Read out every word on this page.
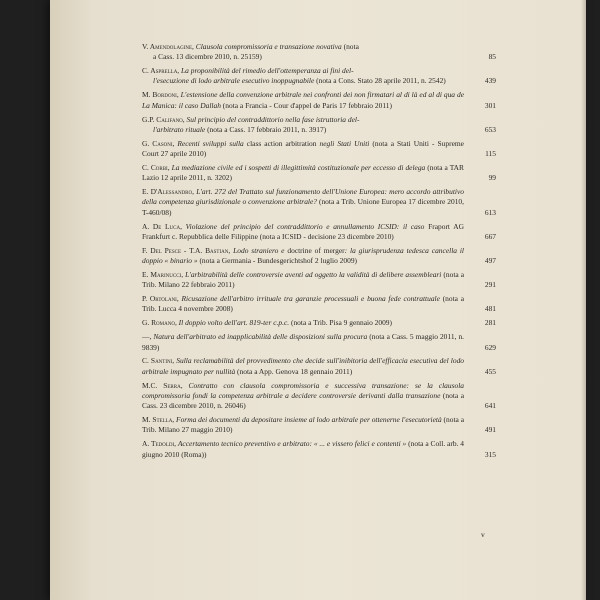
V. Amendolagine, Clausola compromissoria e transazione novativa (nota
a Cass. 13 dicembre 2010, n. 25159)	85
C. Asprella, La proponibilità del rimedio dell'ottemperanza ai fini del-
l'esecuzione di lodo arbitrale esecutivo inoppugnabile (nota a Cons. Stato 28 aprile 2011, n. 2542)	439
M. Bordoni, L'estensione della convenzione arbitrale nei confronti dei non firmatari al di là ed al di qua de La Manica: il caso Dallah (nota a Francia - Cour d'appel de Paris 17 febbraio 2011)	301
G.P. Califano, Sul principio del contraddittorio nella fase istruttoria del-
l'arbitrato rituale (nota a Cass. 17 febbraio 2011, n. 3917)	653
G. Casoni, Recenti sviluppi sulla class action arbitration negli Stati Uniti (nota a Stati Uniti - Supreme Court 27 aprile 2010)	115
C. Corbi, La mediazione civile ed i sospetti di illegittimità costituzionale per eccesso di delega (nota a TAR Lazio 12 aprile 2011, n. 3202)	99
E. D'Alessandro, L'art. 272 del Trattato sul funzionamento dell'Unione Europea: mero accordo attributivo della competenza giurisdizionale o convenzione arbitrale? (nota a Trib. Unione Europea 17 dicembre 2010, T-460/08)	613
A. De Luca, Violazione del principio del contraddittorio e annullamento ICSID: il caso Fraport AG Frankfurt c. Repubblica delle Filippine (nota a ICSID - decisione 23 dicembre 2010)	667
F. Del Pesce - T.A. Bastian, Lodo straniero e doctrine of merger: la giurisprudenza tedesca cancella il doppio « binario » (nota a Germania - Bundesgerichtshof 2 luglio 2009)	497
E. Marinucci, L'arbitrabilità delle controversie aventi ad oggetto la validità di delibere assembleari (nota a Trib. Milano 22 febbraio 2011)	291
P. Ortolani, Ricusazione dell'arbitro irrituale tra garanzie processuali e buona fede contrattuale (nota a Trib. Lucca 4 novembre 2008)	481
G. Romano, Il doppio volto dell'art. 819-ter c.p.c. (nota a Trib. Pisa 9 gennaio 2009)	281
—, Natura dell'arbitrato ed inapplicabilità delle disposizioni sulla procura (nota a Cass. 5 maggio 2011, n. 9839)	629
C. Santini, Sulla reclamabilità del provvedimento che decide sull'inibitoria dell'efficacia esecutiva del lodo arbitrale impugnato per nullità (nota a App. Genova 18 gennaio 2011)	455
M.C. Serra, Contratto con clausola compromissoria e successiva transazione: se la clausola compromissoria fondi la competenza arbitrale a decidere controversie derivanti dalla transazione (nota a Cass. 23 dicembre 2010, n. 26046)	641
M. Stella, Forma dei documenti da depositare insieme al lodo arbitrale per ottenerne l'esecutorietà (nota a Trib. Milano 27 maggio 2010)	491
A. Tedoldi, Accertamento tecnico preventivo e arbitrato: « ... e vissero felici e contenti » (nota a Coll. arb. 4 giugno 2010 (Roma))	315
v
